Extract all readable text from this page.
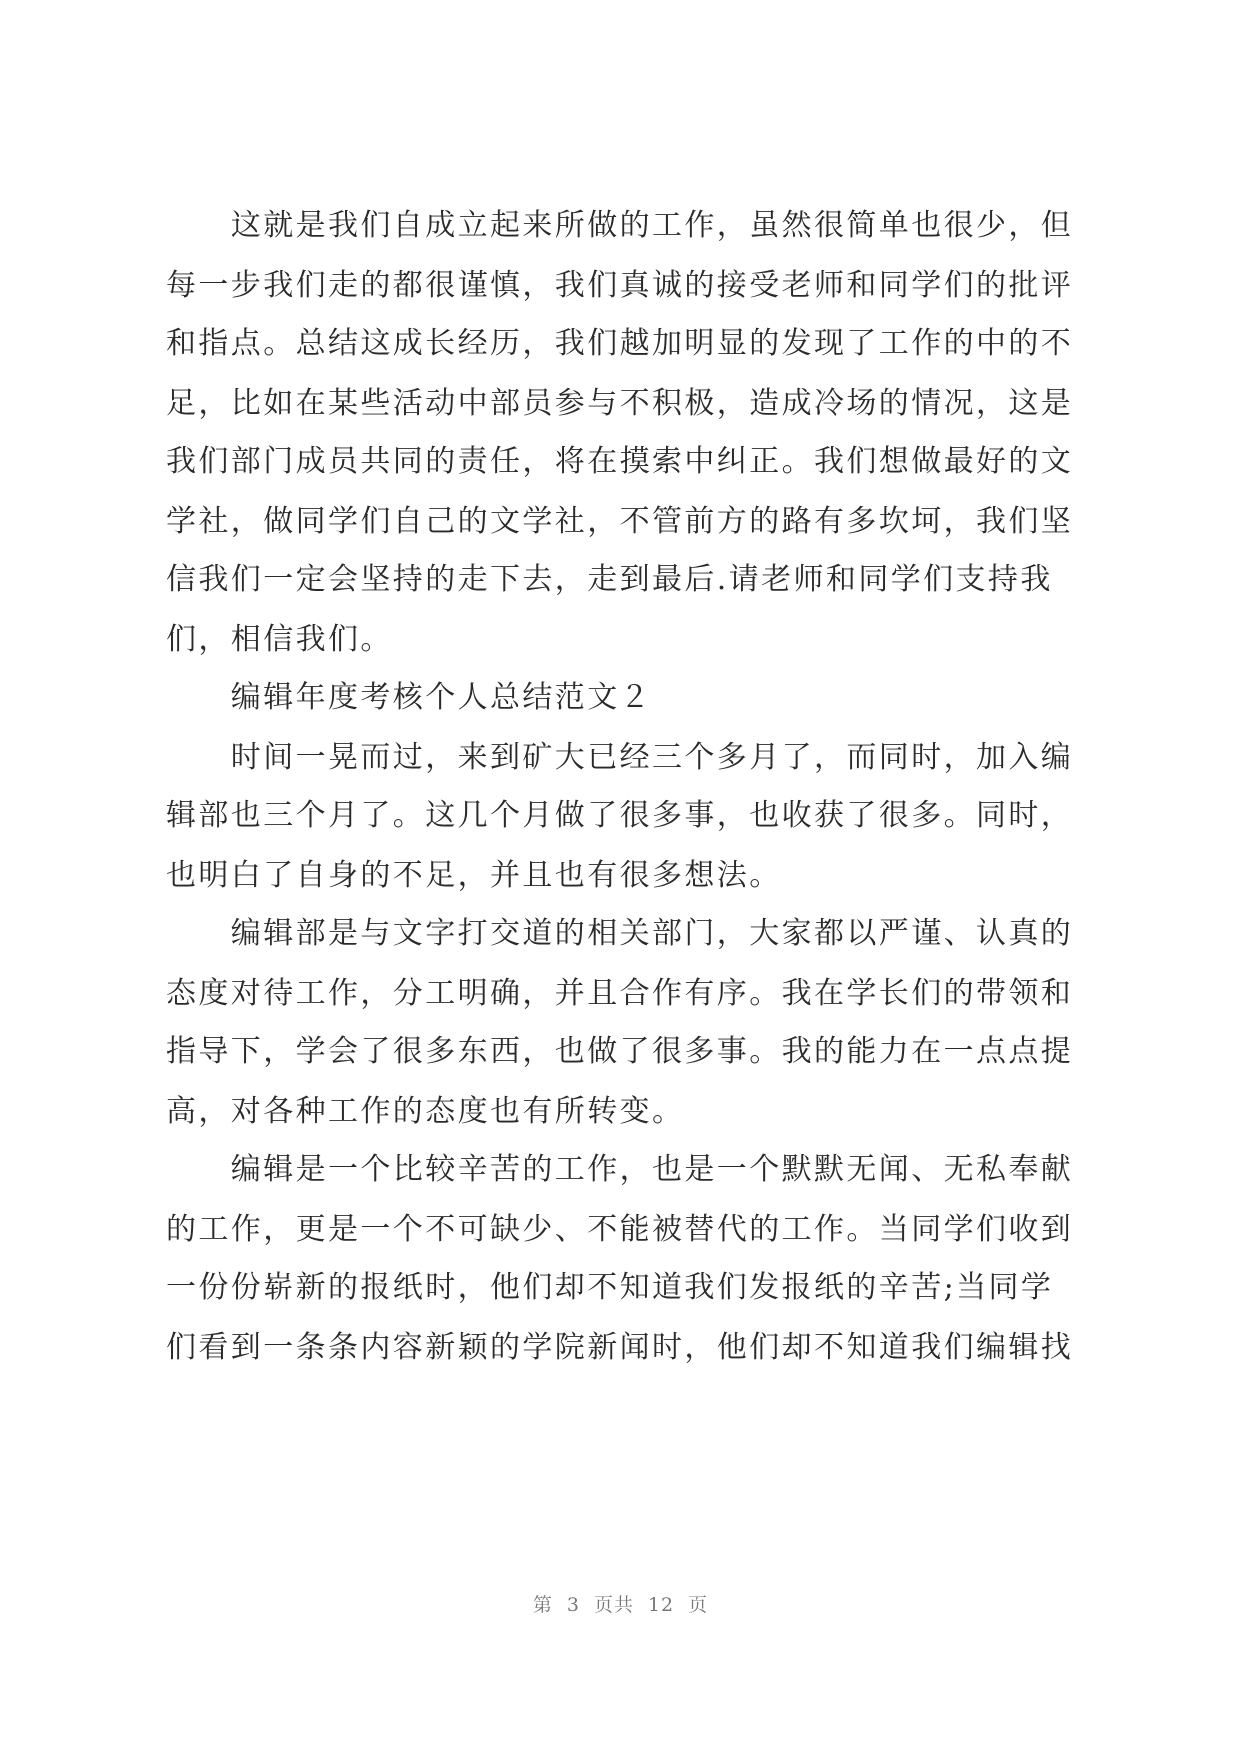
　　这就是我们自成立起来所做的工作，虽然很简单也很少，但
每一步我们走的都很谨慎，我们真诚的接受老师和同学们的批评
和指点。总结这成长经历，我们越加明显的发现了工作的中的不
足，比如在某些活动中部员参与不积极，造成冷场的情况，这是
我们部门成员共同的责任，将在摸索中纠正。我们想做最好的文
学社，做同学们自己的文学社，不管前方的路有多坎坷，我们坚
信我们一定会坚持的走下去，走到最后.请老师和同学们支持我
们，相信我们。
　　编辑年度考核个人总结范文２
　　时间一晃而过，来到矿大已经三个多月了，而同时，加入编
辑部也三个月了。这几个月做了很多事，也收获了很多。同时，
也明白了自身的不足，并且也有很多想法。
　　编辑部是与文字打交道的相关部门，大家都以严谨、认真的
态度对待工作，分工明确，并且合作有序。我在学长们的带领和
指导下，学会了很多东西，也做了很多事。我的能力在一点点提
高，对各种工作的态度也有所转变。
　　编辑是一个比较辛苦的工作，也是一个默默无闻、无私奉献
的工作，更是一个不可缺少、不能被替代的工作。当同学们收到
一份份崭新的报纸时，他们却不知道我们发报纸的辛苦;当同学
们看到一条条内容新颖的学院新闻时，他们却不知道我们编辑找
第 3 页共 12 页
